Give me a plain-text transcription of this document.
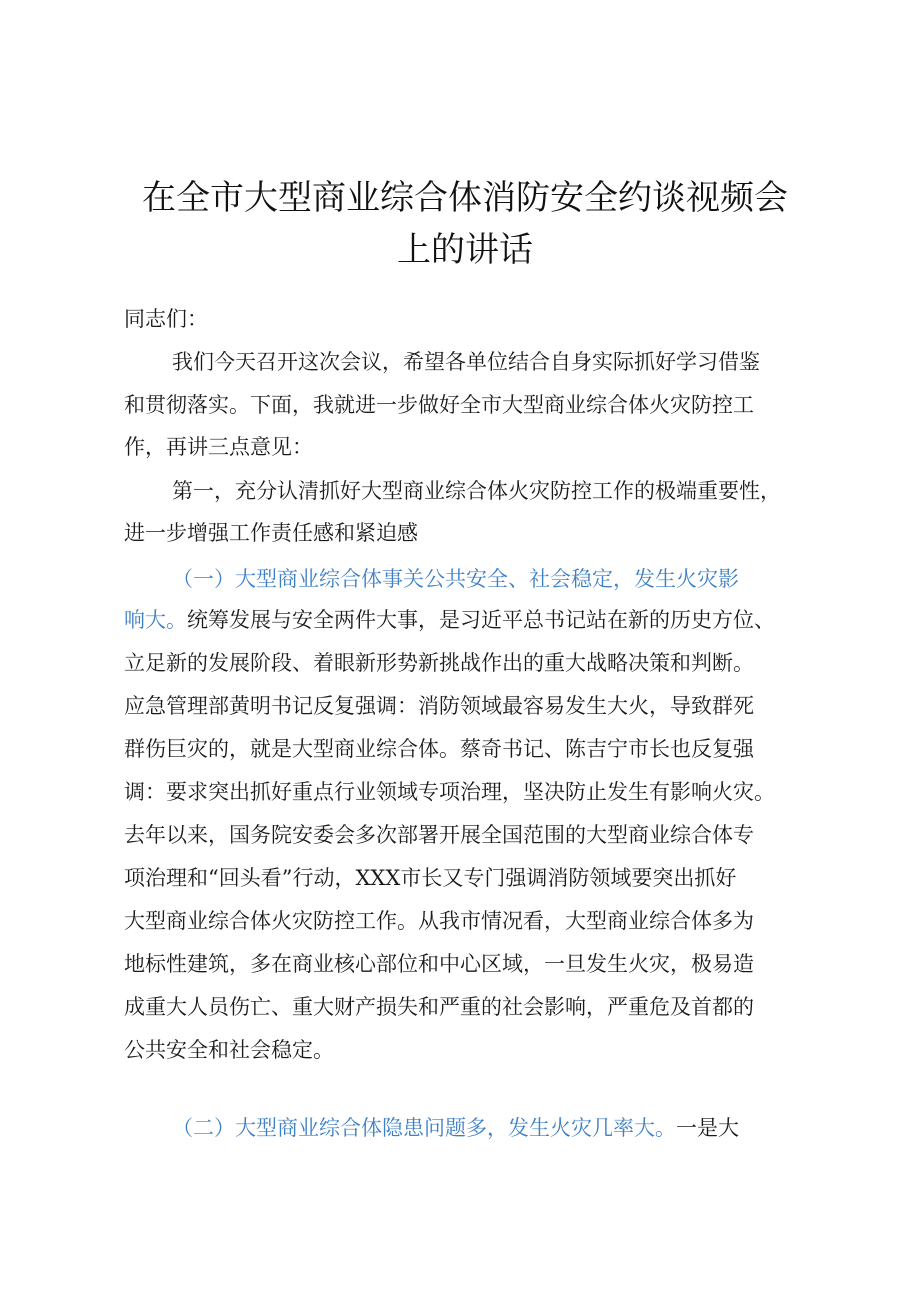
在全市大型商业综合体消防安全约谈视频会
上的讲话
同志们：
我们今天召开这次会议，希望各单位结合自身实际抓好学习借鉴
和贯彻落实。下面，我就进一步做好全市大型商业综合体火灾防控工
作，再讲三点意见：
第一，充分认清抓好大型商业综合体火灾防控工作的极端重要性，
进一步增强工作责任感和紧迫感
（一）大型商业综合体事关公共安全、社会稳定，发生火灾影
响大。统筹发展与安全两件大事，是习近平总书记站在新的历史方位、
立足新的发展阶段、着眼新形势新挑战作出的重大战略决策和判断。
应急管理部黄明书记反复强调：消防领域最容易发生大火，导致群死
群伤巨灾的，就是大型商业综合体。蔡奇书记、陈吉宁市长也反复强
调：要求突出抓好重点行业领域专项治理，坚决防止发生有影响火灾。
去年以来，国务院安委会多次部署开展全国范围的大型商业综合体专
项治理和“回头看”行动，XXX市长又专门强调消防领域要突出抓好
大型商业综合体火灾防控工作。从我市情况看，大型商业综合体多为
地标性建筑，多在商业核心部位和中心区域，一旦发生火灾，极易造
成重大人员伤亡、重大财产损失和严重的社会影响，严重危及首都的
公共安全和社会稳定。
（二）大型商业综合体隐患问题多，发生火灾几率大。一是大
